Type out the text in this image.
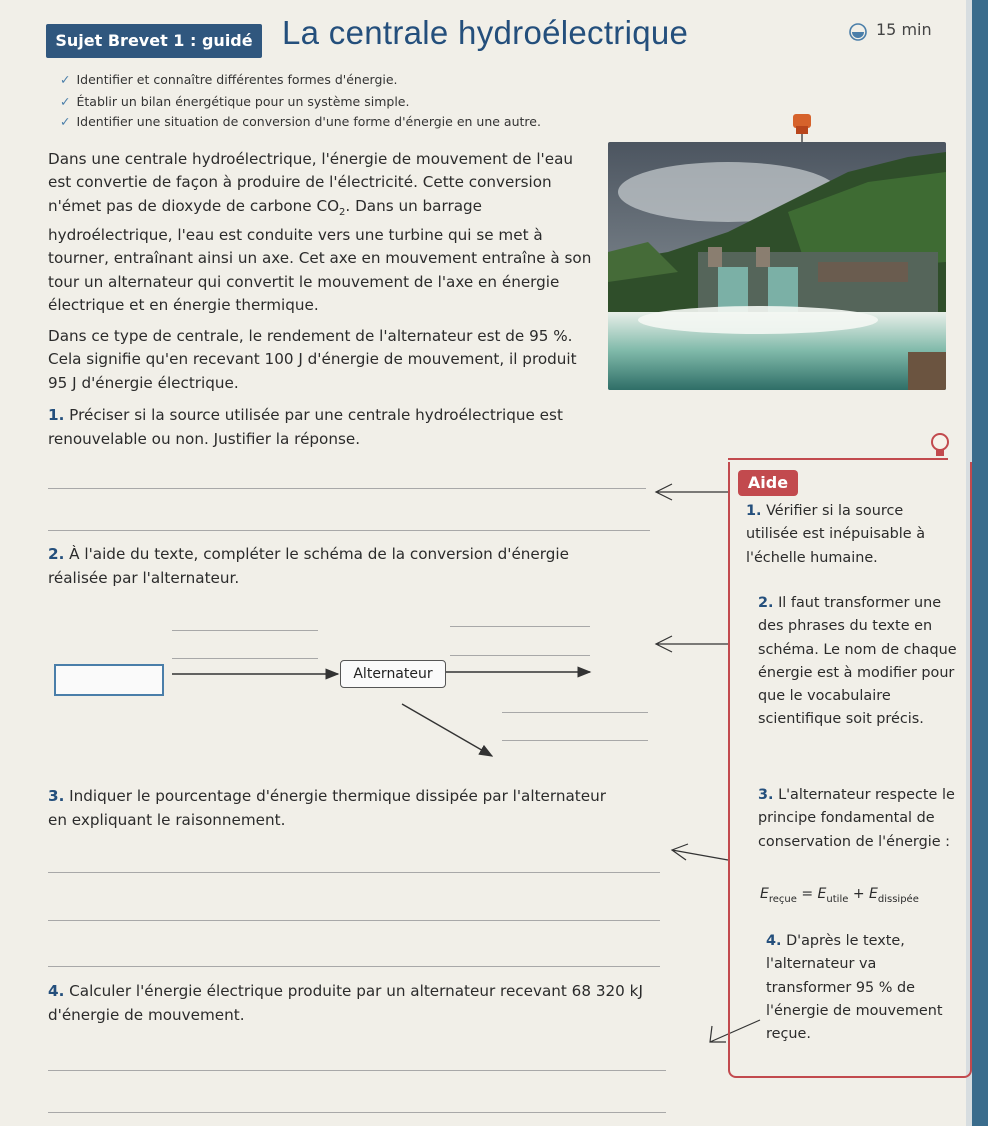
Sujet Brevet 1 : guidé La centrale hydroélectrique	15 min
✓ Identifier et connaître différentes formes d'énergie.
✓ Établir un bilan énergétique pour un système simple.
✓ Identifier une situation de conversion d'une forme d'énergie en une autre.

Dans une centrale hydroélectrique, l'énergie de mouvement de l'eau est convertie de façon à produire de l'électricité. Cette conversion n'émet pas de dioxyde de carbone $CO_2$. Dans un barrage hydroélectrique, l'eau est conduite vers une turbine qui se met à tourner, entraînant ainsi un axe. Cet axe en mouvement entraîne à son tour un alternateur qui convertit le mouvement de l'axe en énergie électrique et en énergie thermique.

Dans ce type de centrale, le rendement de l'alternateur est de 95 %. Cela signifie qu'en recevant 100 J d'énergie de mouvement, il produit 95 J d'énergie électrique.

1. Préciser si la source utilisée par une centrale hydroélectrique est renouvelable ou non. Justifier la réponse.
2. À l'aide du texte, compléter le schéma de la conversion d'énergie réalisée par l'alternateur.
Alternateur
3. Indiquer le pourcentage d'énergie thermique dissipée par l'alternateur en expliquant le raisonnement.
4. Calculer l'énergie électrique produite par un alternateur recevant 68 320 kJ d'énergie de mouvement.
Aide
1. Vérifier si la source utilisée est inépuisable à l'échelle humaine.
2. Il faut transformer une des phrases du texte en schéma. Le nom de chaque énergie est à modifier pour que le vocabulaire scientifique soit précis.
3. L'alternateur respecte le principe fondamental de conservation de l'énergie :
$E_{reçue} = E_{utile} + E_{dissipée}$
4. D'après le texte, l'alternateur va transformer 95 % de l'énergie de mouvement reçue.
